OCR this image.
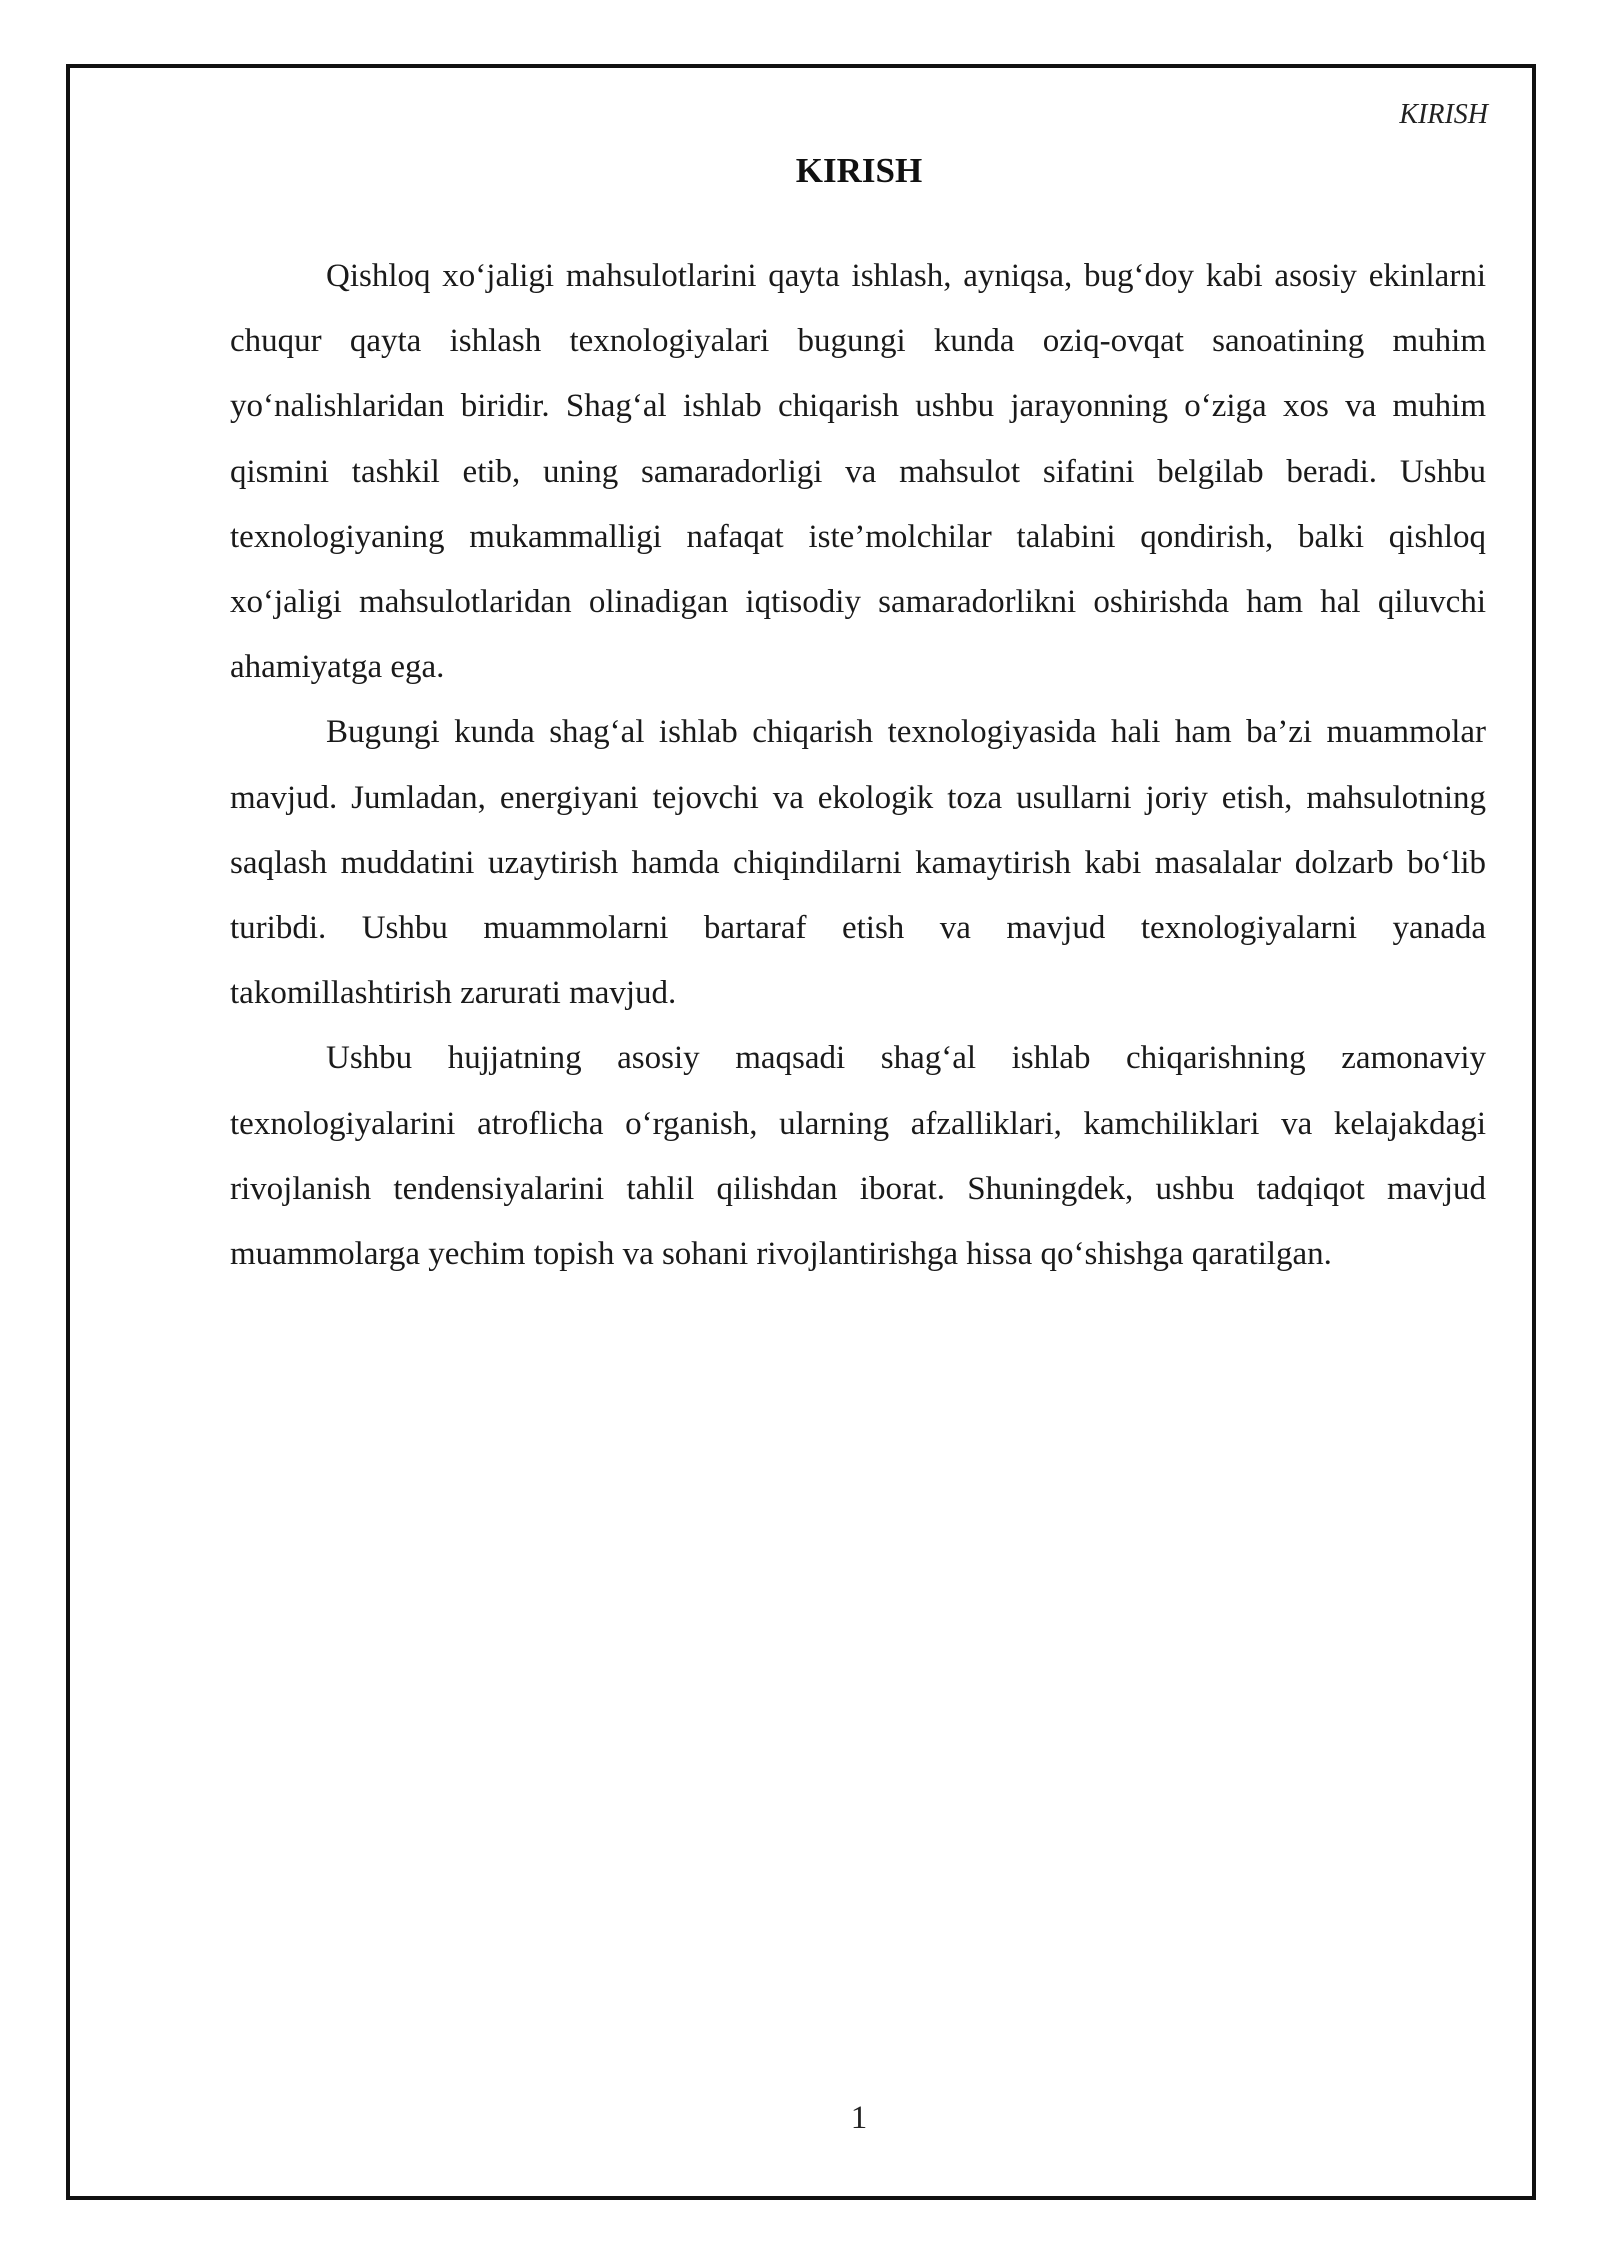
KIRISH
KIRISH

Qishloq xo‘jaligi mahsulotlarini qayta ishlash, ayniqsa, bug‘doy kabi asosiy ekinlarni chuqur qayta ishlash texnologiyalari bugungi kunda oziq-ovqat sanoatining muhim yo‘nalishlaridan biridir. Shag‘al ishlab chiqarish ushbu jarayonning o‘ziga xos va muhim qismini tashkil etib, uning samaradorligi va mahsulot sifatini belgilab beradi. Ushbu texnologiyaning mukammalligi nafaqat iste’molchilar talabini qondirish, balki qishloq xo‘jaligi mahsulotlaridan olinadigan iqtisodiy samaradorlikni oshirishda ham hal qiluvchi ahamiyatga ega.

Bugungi kunda shag‘al ishlab chiqarish texnologiyasida hali ham ba’zi muammolar mavjud. Jumladan, energiyani tejovchi va ekologik toza usullarni joriy etish, mahsulotning saqlash muddatini uzaytirish hamda chiqindilarni kamaytirish kabi masalalar dolzarb bo‘lib turibdi. Ushbu muammolarni bartaraf etish va mavjud texnologiyalarni yanada takomillashtirish zarurati mavjud.

Ushbu hujjatning asosiy maqsadi shag‘al ishlab chiqarishning zamonaviy texnologiyalarini atroflicha o‘rganish, ularning afzalliklari, kamchiliklari va kelajakdagi rivojlanish tendensiyalarini tahlil qilishdan iborat. Shuningdek, ushbu tadqiqot mavjud muammolarga yechim topish va sohani rivojlantirishga hissa qo‘shishga qaratilgan.

1
